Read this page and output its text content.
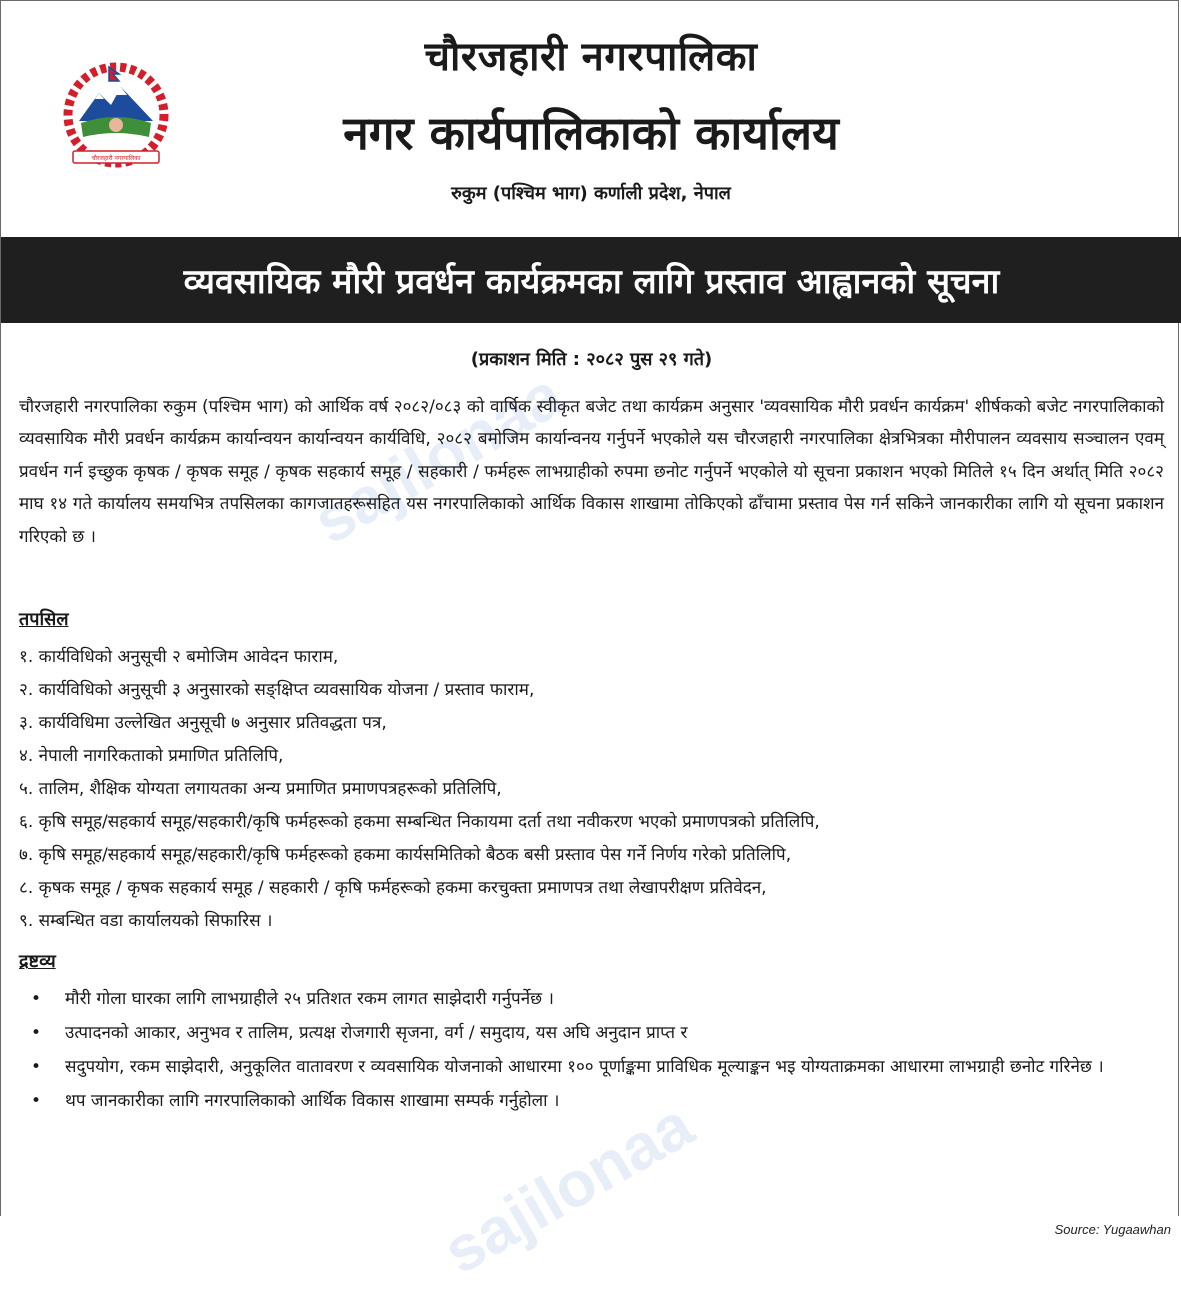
sajilonaa
sajilonaa
चौरजहारी नगरपालिका
चौरजहारी नगरपालिका
नगर कार्यपालिकाको कार्यालय
रुकुम (पश्चिम भाग) कर्णाली प्रदेश, नेपाल
व्यवसायिक मौरी प्रवर्धन कार्यक्रमका लागि प्रस्ताव आह्वानको सूचना
(प्रकाशन मिति : २०८२ पुस २९ गते)
चौरजहारी नगरपालिका रुकुम (पश्चिम भाग) को आर्थिक वर्ष २०८२/०८३ को वार्षिक स्वीकृत बजेट तथा कार्यक्रम अनुसार 'व्यवसायिक मौरी प्रवर्धन कार्यक्रम' शीर्षकको बजेट नगरपालिकाको व्यवसायिक मौरी प्रवर्धन कार्यक्रम कार्यान्वयन कार्यान्वयन कार्यविधि, २०८२ बमोजिम कार्यान्वनय गर्नुपर्ने भएकोले यस चौरजहारी नगरपालिका क्षेत्रभित्रका मौरीपालन व्यवसाय सञ्चालन एवम् प्रवर्धन गर्न इच्छुक कृषक / कृषक समूह / कृषक सहकार्य समूह / सहकारी / फर्महरू लाभग्राहीको रुपमा छनोट गर्नुपर्ने भएकोले यो सूचना प्रकाशन भएको मितिले १५ दिन अर्थात् मिति २०८२ माघ १४ गते कार्यालय समयभित्र तपसिलका कागजातहरूसहित यस नगरपालिकाको आर्थिक विकास शाखामा तोकिएको ढाँचामा प्रस्ताव पेस गर्न सकिने जानकारीका लागि यो सूचना प्रकाशन गरिएको छ ।
तपसिल
१. कार्यविधिको अनुसूची २ बमोजिम आवेदन फाराम,
२. कार्यविधिको अनुसूची ३ अनुसारको सङ्क्षिप्त व्यवसायिक योजना / प्रस्ताव फाराम,
३. कार्यविधिमा उल्लेखित अनुसूची ७ अनुसार प्रतिवद्धता पत्र,
४. नेपाली नागरिकताको प्रमाणित प्रतिलिपि,
५. तालिम, शैक्षिक योग्यता लगायतका अन्य प्रमाणित प्रमाणपत्रहरूको प्रतिलिपि,
६. कृषि समूह/सहकार्य समूह/सहकारी/कृषि फर्महरूको हकमा सम्बन्धित निकायमा दर्ता तथा नवीकरण भएको प्रमाणपत्रको प्रतिलिपि,
७. कृषि समूह/सहकार्य समूह/सहकारी/कृषि फर्महरूको हकमा कार्यसमितिको बैठक बसी प्रस्ताव पेस गर्ने निर्णय गरेको प्रतिलिपि,
८. कृषक समूह / कृषक सहकार्य समूह / सहकारी / कृषि फर्महरूको हकमा करचुक्ता प्रमाणपत्र तथा लेखापरीक्षण प्रतिवेदन,
९. सम्बन्धित वडा कार्यालयको सिफारिस ।
द्रष्टव्य
• मौरी गोला घारका लागि लाभग्राहीले २५ प्रतिशत रकम लागत साझेदारी गर्नुपर्नेछ ।
• उत्पादनको आकार, अनुभव र तालिम, प्रत्यक्ष रोजगारी सृजना, वर्ग / समुदाय, यस अघि अनुदान प्राप्त र
• सदुपयोग, रकम साझेदारी, अनुकूलित वातावरण र व्यवसायिक योजनाको आधारमा १०० पूर्णाङ्कमा प्राविधिक मूल्याङ्कन भइ योग्यताक्रमका आधारमा लाभग्राही छनोट गरिनेछ ।
• थप जानकारीका लागि नगरपालिकाको आर्थिक विकास शाखामा सम्पर्क गर्नुहोला ।
Source: Yugaawhan
